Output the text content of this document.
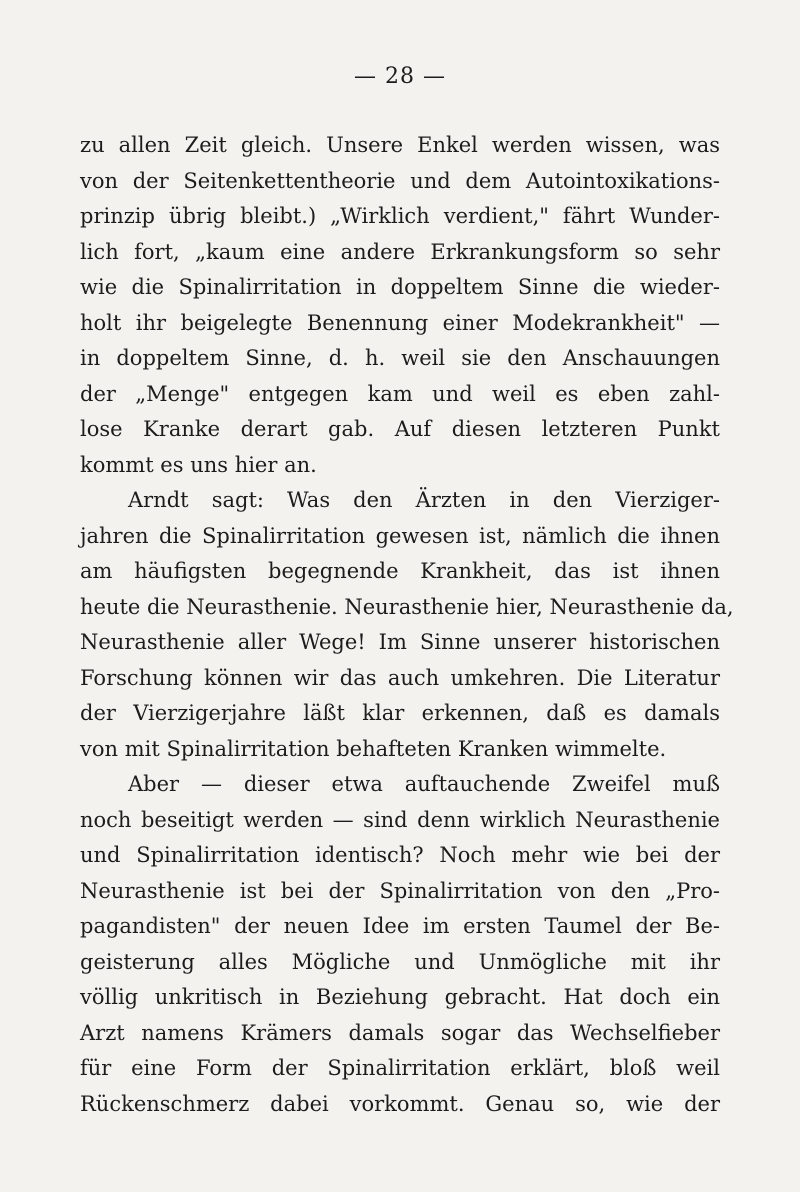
— 28 —
zu allen Zeit gleich. Unsere Enkel werden wissen, was
von der Seitenkettentheorie und dem Autointoxikations-
prinzip übrig bleibt.) „Wirklich verdient," fährt Wunder-
lich fort, „kaum eine andere Erkrankungsform so sehr
wie die Spinalirritation in doppeltem Sinne die wieder-
holt ihr beigelegte Benennung einer Modekrankheit" —
in doppeltem Sinne, d. h. weil sie den Anschauungen
der „Menge" entgegen kam und weil es eben zahl-
lose Kranke derart gab. Auf diesen letzteren Punkt
kommt es uns hier an.
Arndt sagt: Was den Ärzten in den Vierziger-
jahren die Spinalirritation gewesen ist, nämlich die ihnen
am häufigsten begegnende Krankheit, das ist ihnen
heute die Neurasthenie. Neurasthenie hier, Neurasthenie da,
Neurasthenie aller Wege! Im Sinne unserer historischen
Forschung können wir das auch umkehren. Die Literatur
der Vierzigerjahre läßt klar erkennen, daß es damals
von mit Spinalirritation behafteten Kranken wimmelte.
Aber — dieser etwa auftauchende Zweifel muß
noch beseitigt werden — sind denn wirklich Neurasthenie
und Spinalirritation identisch? Noch mehr wie bei der
Neurasthenie ist bei der Spinalirritation von den „Pro-
pagandisten" der neuen Idee im ersten Taumel der Be-
geisterung alles Mögliche und Unmögliche mit ihr
völlig unkritisch in Beziehung gebracht. Hat doch ein
Arzt namens Krämers damals sogar das Wechselfieber
für eine Form der Spinalirritation erklärt, bloß weil
Rückenschmerz dabei vorkommt. Genau so, wie der
